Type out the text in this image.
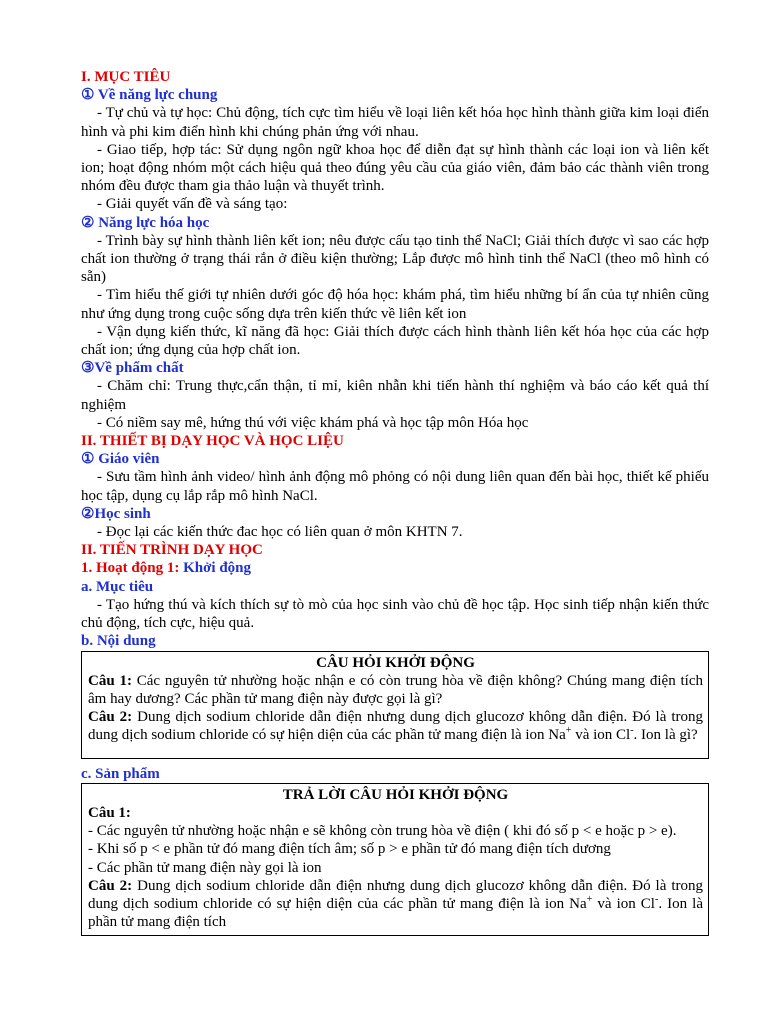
I. MỤC TIÊU
① Về năng lực chung

- Tự chủ và tự học: Chủ động, tích cực tìm hiểu về loại liên kết hóa học hình thành giữa kim loại điển hình và phi kim điển hình khi chúng phản ứng với nhau.

- Giao tiếp, hợp tác: Sử dụng ngôn ngữ khoa học để diễn đạt sự hình thành các loại ion và liên kết ion; hoạt động nhóm một cách hiệu quả theo đúng yêu cầu của giáo viên, đảm bảo các thành viên trong nhóm đều được tham gia thảo luận và thuyết trình.

- Giải quyết vấn đề và sáng tạo:

② Năng lực hóa học

- Trình bày sự hình thành liên kết ion; nêu được cấu tạo tinh thể NaCl; Giải thích được vì sao các hợp chất ion thường ở trạng thái rắn ở điều kiện thường; Lắp được mô hình tinh thể NaCl (theo mô hình có sẵn)

- Tìm hiểu thế giới tự nhiên dưới góc độ hóa học: khám phá, tìm hiểu những bí ẩn của tự nhiên cũng như ứng dụng trong cuộc sống dựa trên kiến thức về liên kết ion

- Vận dụng kiến thức, kĩ năng đã học: Giải thích được cách hình thành liên kết hóa học của các hợp chất ion; ứng dụng của hợp chất ion.

③Về phẩm chất

- Chăm chỉ: Trung thực,cẩn thận, tỉ mỉ, kiên nhẫn khi tiến hành thí nghiệm và báo cáo kết quả thí nghiệm

- Có niềm say mê, hứng thú với việc khám phá và học tập môn Hóa học

II. THIẾT BỊ DẠY HỌC VÀ HỌC LIỆU
① Giáo viên

- Sưu tầm hình ảnh video/ hình ảnh động mô phỏng có nội dung liên quan đến bài học, thiết kế phiếu học tập, dụng cụ lắp rắp mô hình NaCl.

②Học sinh

- Đọc lại các kiến thức đac học có liên quan ở môn KHTN 7.

II. TIẾN TRÌNH DẠY HỌC
1. Hoạt động 1: Khởi động
a. Mục tiêu

- Tạo hứng thú và kích thích sự tò mò của học sinh vào chủ đề học tập. Học sinh tiếp nhận kiến thức chủ động, tích cực, hiệu quả.

b. Nội dung
CÂU HỎI KHỞI ĐỘNG

Câu 1: Các nguyên tử nhường hoặc nhận e có còn trung hòa về điện không? Chúng mang điện tích âm hay dương? Các phần tử mang điện này được gọi là gì?

Câu 2: Dung dịch sodium chloride dẫn điện nhưng dung dịch glucozơ không dẫn điện. Đó là trong dung dịch sodium chloride có sự hiện diện của các phần tử mang điện là ion Na+ và ion Cl-. Ion là gì?

c. Sản phẩm
TRẢ LỜI CÂU HỎI KHỞI ĐỘNG

Câu 1:

- Các nguyên tử nhường hoặc nhận e sẽ không còn trung hòa về điện ( khi đó số p < e hoặc p > e).

- Khi số p < e phần tử đó mang điện tích âm; số p > e phần tử đó mang điện tích dương

- Các phần tử mang điện này gọi là ion

Câu 2: Dung dịch sodium chloride dẫn điện nhưng dung dịch glucozơ không dẫn điện. Đó là trong dung dịch sodium chloride có sự hiện diện của các phần tử mang điện là ion Na+ và ion Cl-. Ion là phần tử mang điện tích
